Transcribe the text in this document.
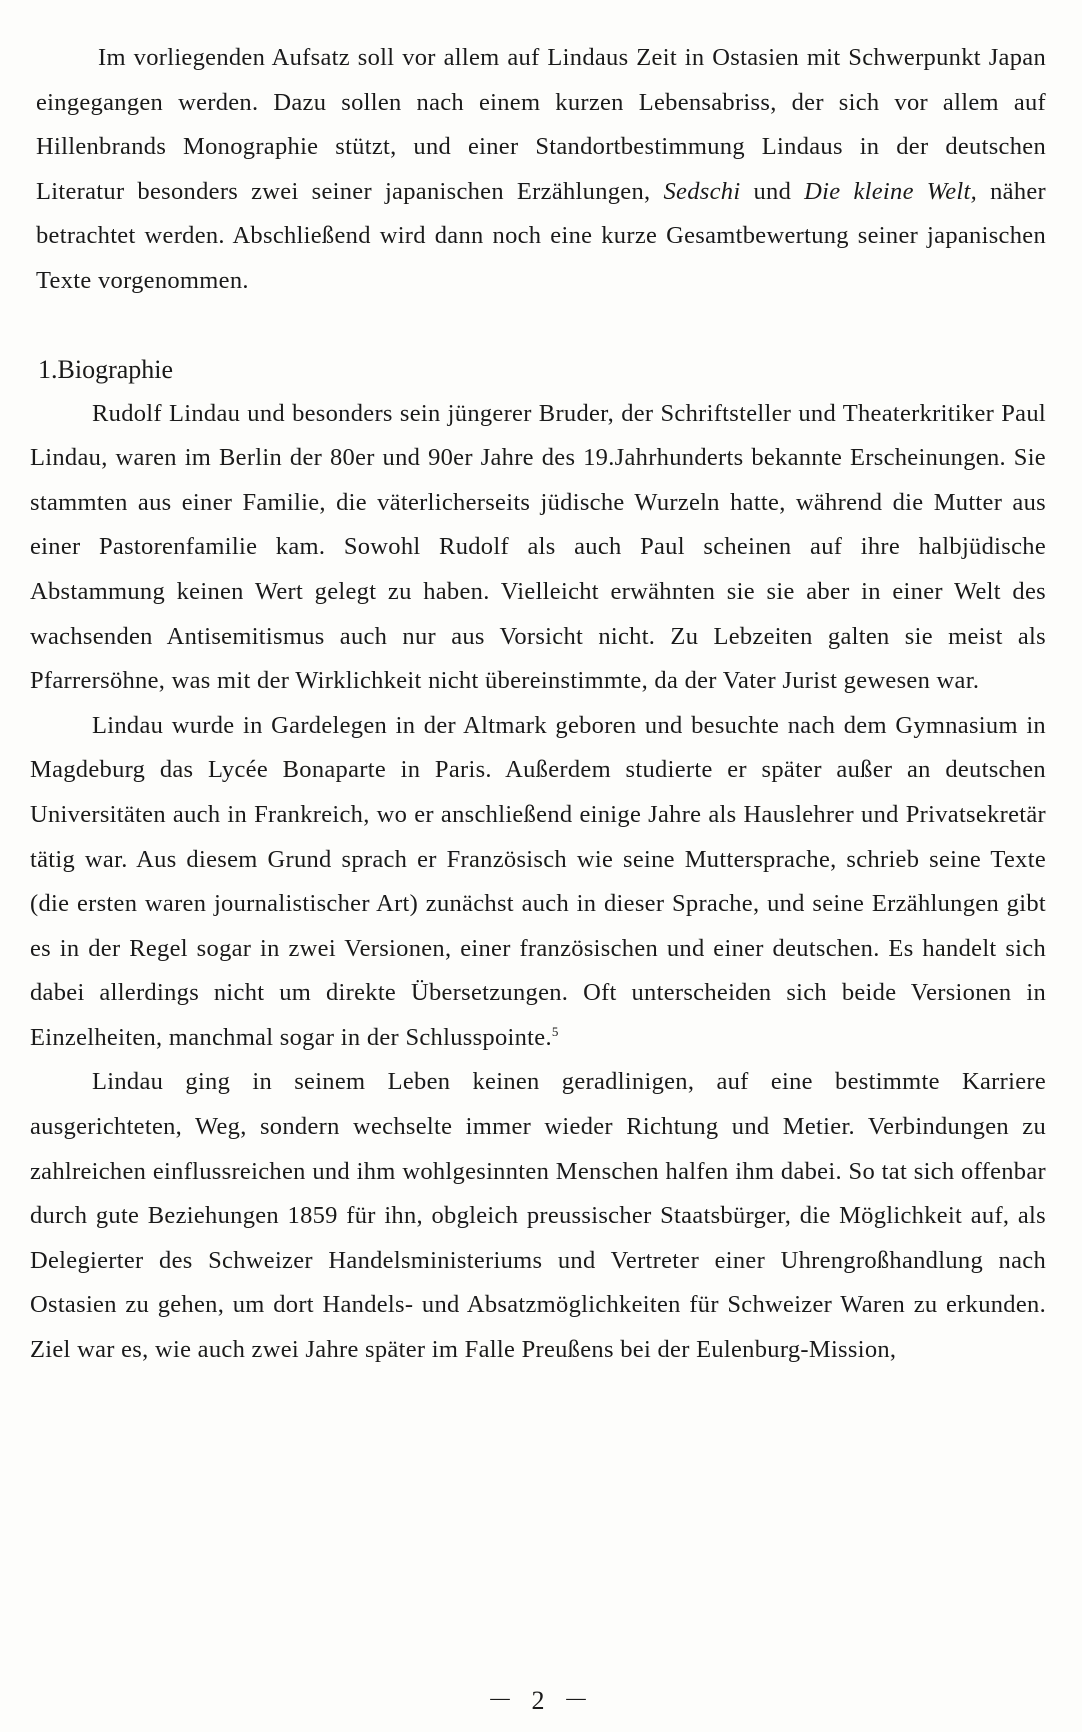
Im vorliegenden Aufsatz soll vor allem auf Lindaus Zeit in Ostasien mit Schwerpunkt Japan eingegangen werden. Dazu sollen nach einem kurzen Lebensabriss, der sich vor allem auf Hillenbrands Monographie stützt, und einer Standortbestimmung Lindaus in der deutschen Literatur besonders zwei seiner japanischen Erzählungen, Sedschi und Die kleine Welt, näher betrachtet werden. Abschließend wird dann noch eine kurze Gesamtbewertung seiner japanischen Texte vorgenommen.

1.Biographie

Rudolf Lindau und besonders sein jüngerer Bruder, der Schriftsteller und Theaterkritiker Paul Lindau, waren im Berlin der 80er und 90er Jahre des 19.Jahrhunderts bekannte Erscheinungen. Sie stammten aus einer Familie, die väterlicherseits jüdische Wurzeln hatte, während die Mutter aus einer Pastorenfamilie kam. Sowohl Rudolf als auch Paul scheinen auf ihre halbjüdische Abstammung keinen Wert gelegt zu haben. Vielleicht erwähnten sie sie aber in einer Welt des wachsenden Antisemitismus auch nur aus Vorsicht nicht. Zu Lebzeiten galten sie meist als Pfarrersöhne, was mit der Wirklichkeit nicht übereinstimmte, da der Vater Jurist gewesen war.

Lindau wurde in Gardelegen in der Altmark geboren und besuchte nach dem Gymnasium in Magdeburg das Lycée Bonaparte in Paris. Außerdem studierte er später außer an deutschen Universitäten auch in Frankreich, wo er anschließend einige Jahre als Hauslehrer und Privatsekretär tätig war. Aus diesem Grund sprach er Französisch wie seine Muttersprache, schrieb seine Texte (die ersten waren journalistischer Art) zunächst auch in dieser Sprache, und seine Erzählungen gibt es in der Regel sogar in zwei Versionen, einer französischen und einer deutschen. Es handelt sich dabei allerdings nicht um direkte Übersetzungen. Oft unterscheiden sich beide Versionen in Einzelheiten, manchmal sogar in der Schlusspointe.$^5$

Lindau ging in seinem Leben keinen geradlinigen, auf eine bestimmte Karriere ausgerichteten, Weg, sondern wechselte immer wieder Richtung und Metier. Verbindungen zu zahlreichen einflussreichen und ihm wohlgesinnten Menschen halfen ihm dabei. So tat sich offenbar durch gute Beziehungen 1859 für ihn, obgleich preussischer Staatsbürger, die Möglichkeit auf, als Delegierter des Schweizer Handelsministeriums und Vertreter einer Uhrengroßhandlung nach Ostasien zu gehen, um dort Handels- und Absatzmöglichkeiten für Schweizer Waren zu erkunden. Ziel war es, wie auch zwei Jahre später im Falle Preußens bei der Eulenburg-Mission,

－ 2 －
